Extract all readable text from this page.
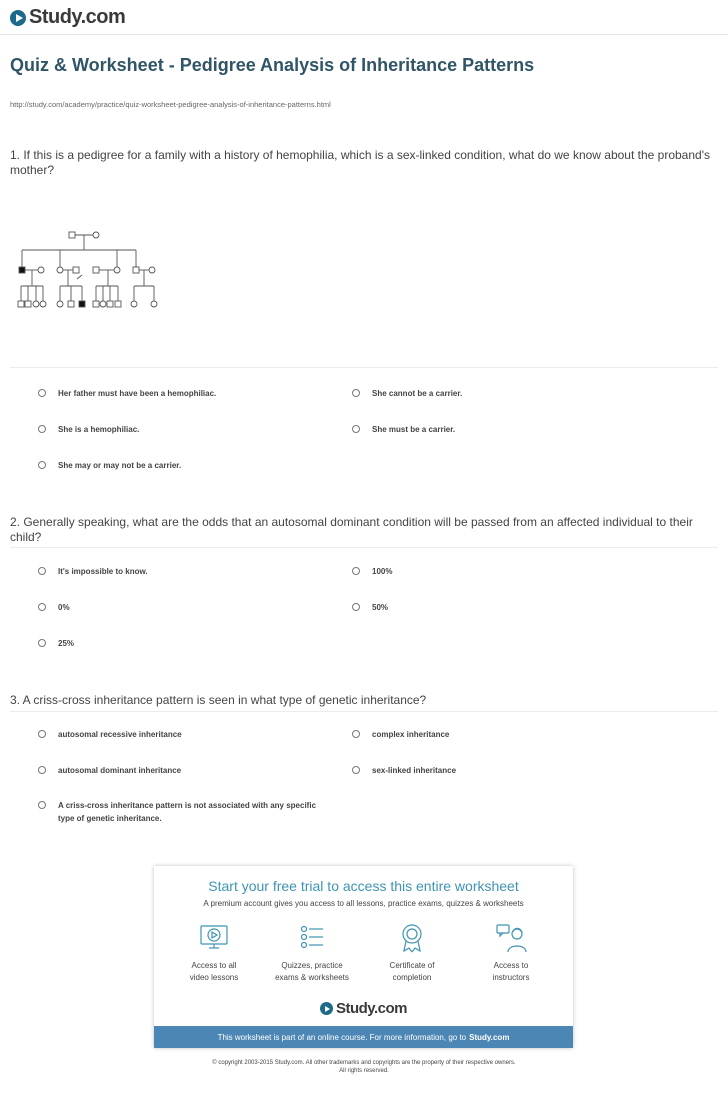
Study.com
Quiz & Worksheet - Pedigree Analysis of Inheritance Patterns
http://study.com/academy/practice/quiz-worksheet-pedigree-analysis-of-inheritance-patterns.html
1. If this is a pedigree for a family with a history of hemophilia, which is a sex-linked condition, what do we know about the proband's mother?
Her father must have been a hemophiliac.	She cannot be a carrier.
She is a hemophiliac.	She must be a carrier.
She may or may not be a carrier.
2. Generally speaking, what are the odds that an autosomal dominant condition will be passed from an affected individual to their child?
It's impossible to know.	100%
0%	50%
25%
3. A criss-cross inheritance pattern is seen in what type of genetic inheritance?
autosomal recessive inheritance	complex inheritance
autosomal dominant inheritance	sex-linked inheritance
A criss-cross inheritance pattern is not associated with any specific type of genetic inheritance.
Start your free trial to access this entire worksheet
A premium account gives you access to all lessons, practice exams, quizzes & worksheets
Access to all
video lessons
Quizzes, practice
exams & worksheets
Certificate of
completion
Access to
instructors
Study.com
This worksheet is part of an online course. For more information, go to Study.com
© copyright 2003-2015 Study.com. All other trademarks and copyrights are the property of their respective owners.
All rights reserved.
